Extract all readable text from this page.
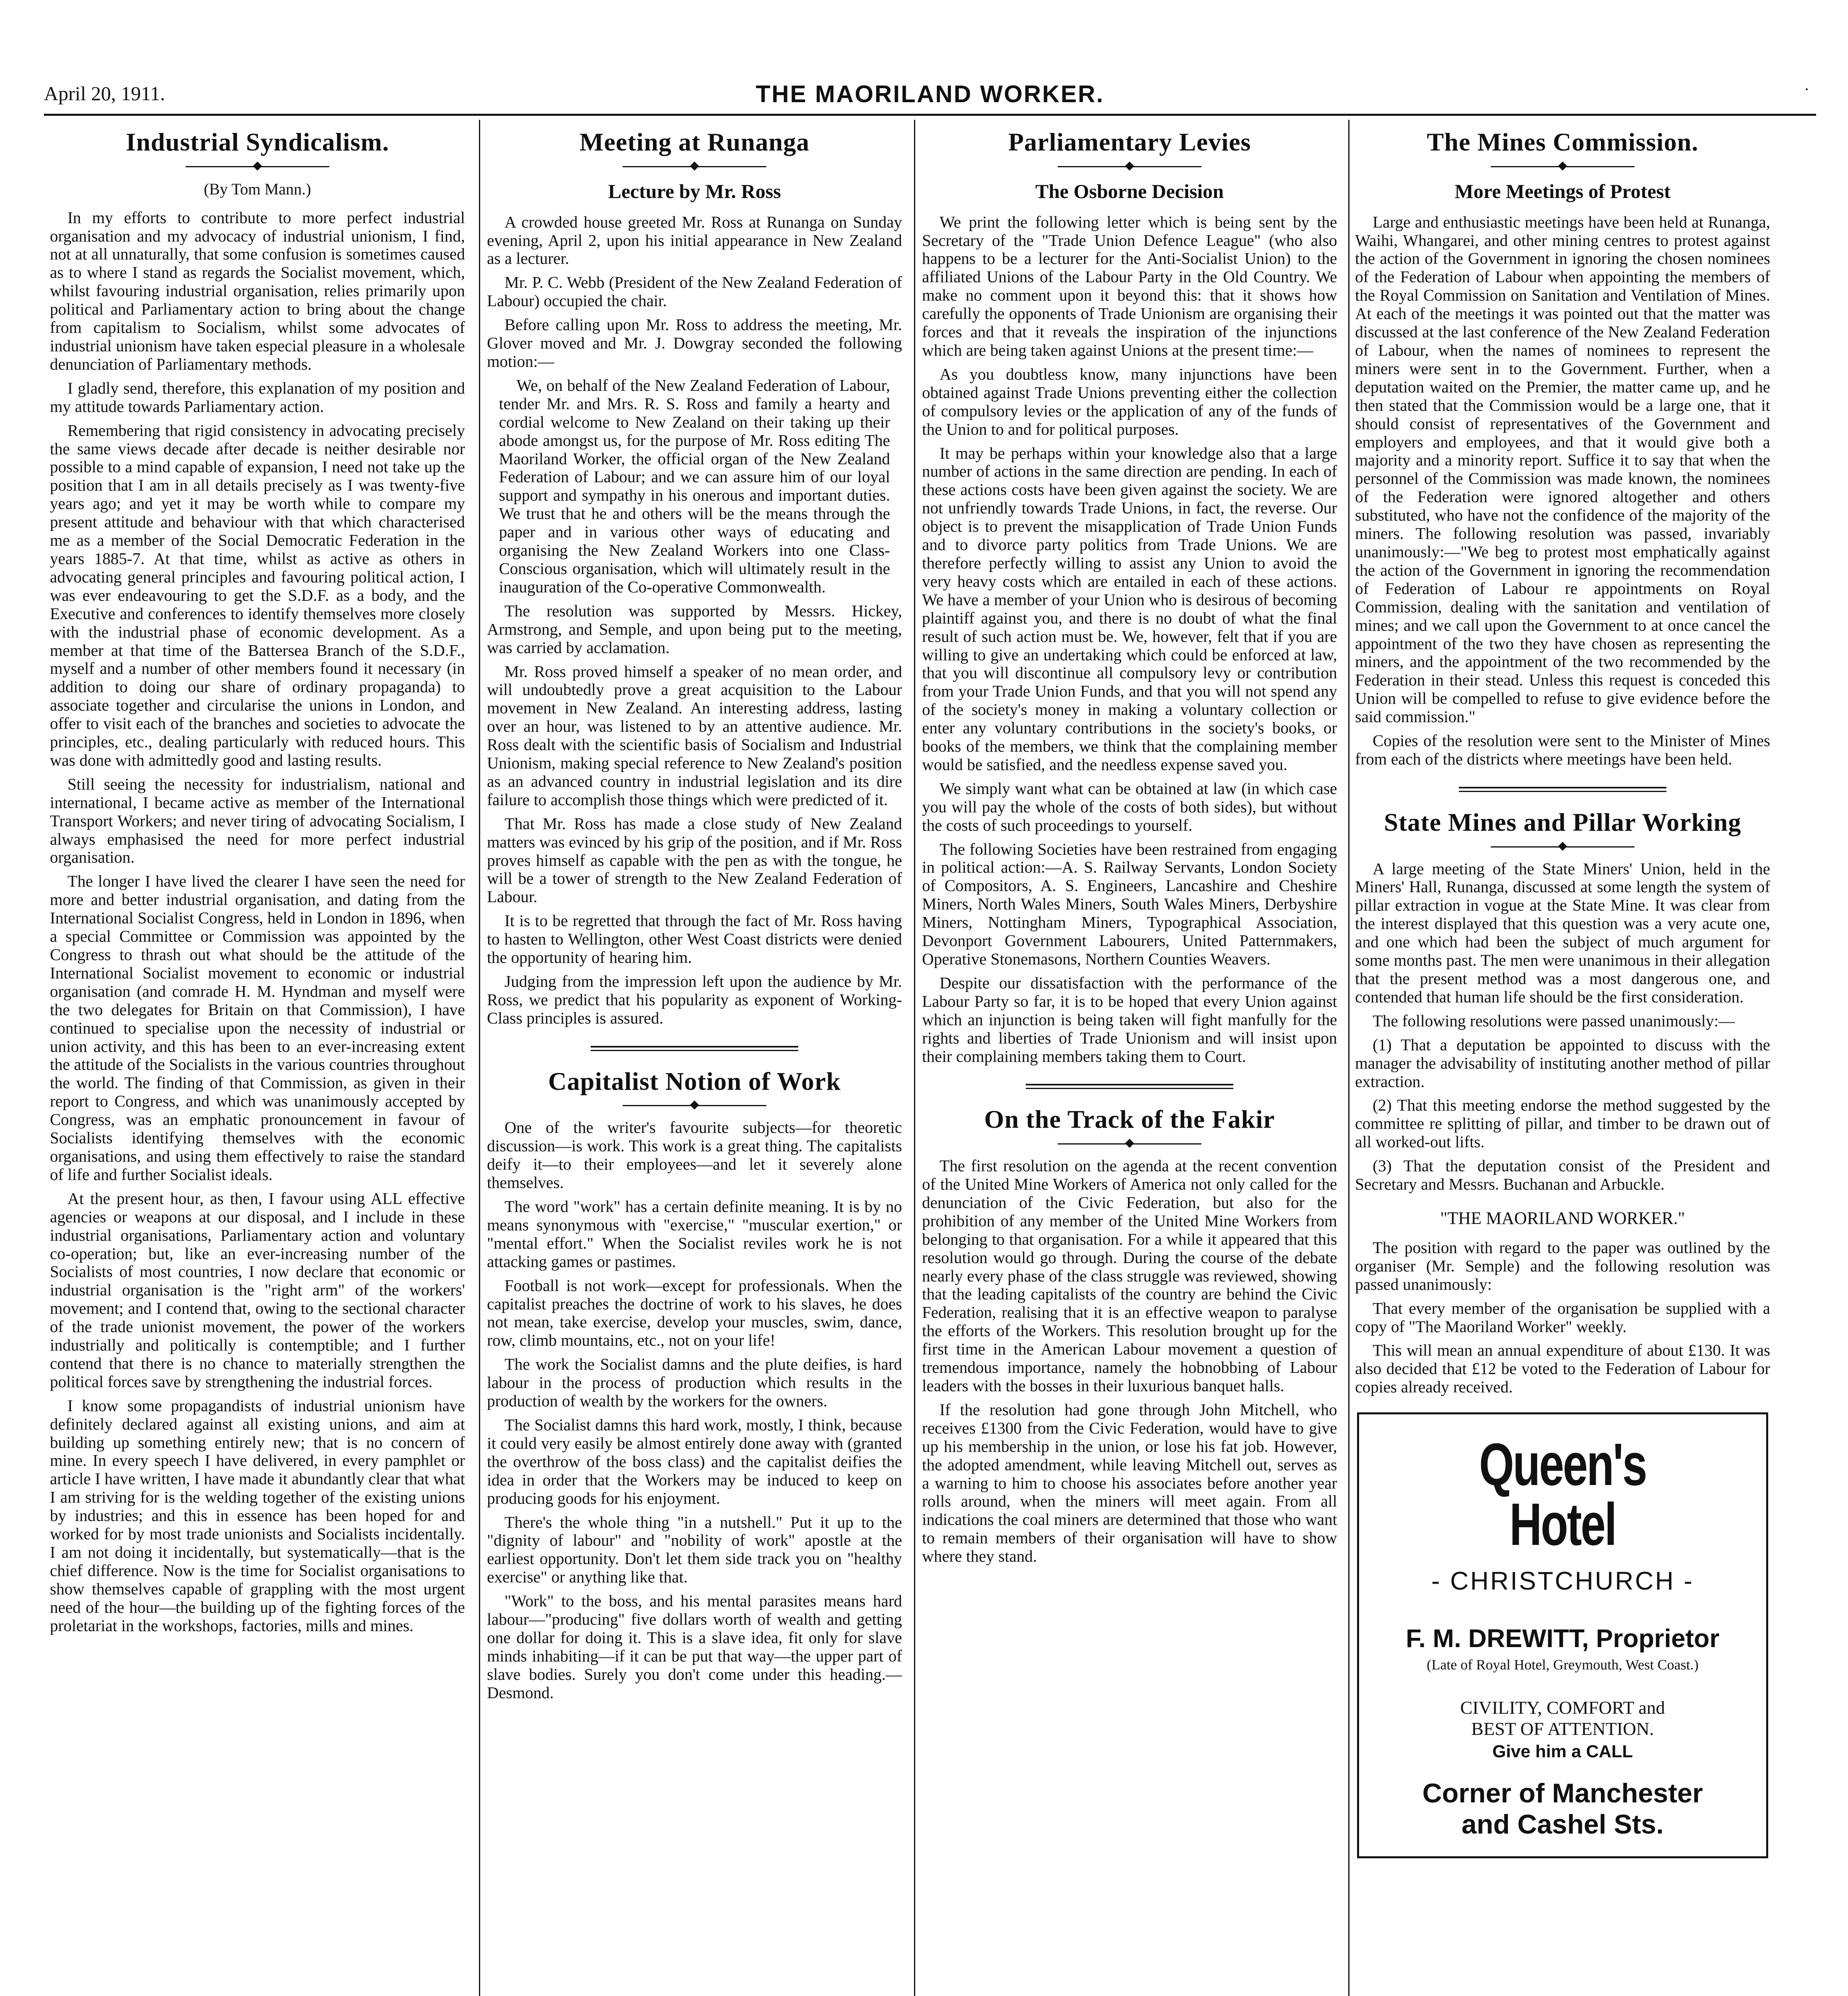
April 20, 1911.	THE MAORILAND WORKER.
Industrial Syndicalism.
(By Tom Mann.)

In my efforts to contribute to more perfect industrial organisation and my advocacy of industrial unionism, I find, not at all unnaturally, that some confusion is sometimes caused as to where I stand as regards the Socialist movement, which, whilst favouring industrial organisation, relies primarily upon political and Parliamentary action to bring about the change from capitalism to Socialism, whilst some advocates of industrial unionism have taken especial pleasure in a wholesale denunciation of Parliamentary methods.

I gladly send, therefore, this explanation of my position and my attitude towards Parliamentary action.

Remembering that rigid consistency in advocating precisely the same views decade after decade is neither desirable nor possible to a mind capable of expansion, I need not take up the position that I am in all details precisely as I was twenty-five years ago; and yet it may be worth while to compare my present attitude and behaviour with that which characterised me as a member of the Social Democratic Federation in the years 1885-7. At that time, whilst as active as others in advocating general principles and favouring political action, I was ever endeavouring to get the S.D.F. as a body, and the Executive and conferences to identify themselves more closely with the industrial phase of economic development. As a member at that time of the Battersea Branch of the S.D.F., myself and a number of other members found it necessary (in addition to doing our share of ordinary propaganda) to associate together and circularise the unions in London, and offer to visit each of the branches and societies to advocate the principles, etc., dealing particularly with reduced hours. This was done with admittedly good and lasting results.

Still seeing the necessity for industrialism, national and international, I became active as member of the International Transport Workers; and never tiring of advocating Socialism, I always emphasised the need for more perfect industrial organisation.

The longer I have lived the clearer I have seen the need for more and better industrial organisation, and dating from the International Socialist Congress, held in London in 1896, when a special Committee or Commission was appointed by the Congress to thrash out what should be the attitude of the International Socialist movement to economic or industrial organisation (and comrade H. M. Hyndman and myself were the two delegates for Britain on that Commission), I have continued to specialise upon the necessity of industrial or union activity, and this has been to an ever-increasing extent the attitude of the Socialists in the various countries throughout the world. The finding of that Commission, as given in their report to Congress, and which was unanimously accepted by Congress, was an emphatic pronouncement in favour of Socialists identifying themselves with the economic organisations, and using them effectively to raise the standard of life and further Socialist ideals.

At the present hour, as then, I favour using ALL effective agencies or weapons at our disposal, and I include in these industrial organisations, Parliamentary action and voluntary co-operation; but, like an ever-increasing number of the Socialists of most countries, I now declare that economic or industrial organisation is the "right arm" of the workers' movement; and I contend that, owing to the sectional character of the trade unionist movement, the power of the workers industrially and politically is contemptible; and I further contend that there is no chance to materially strengthen the political forces save by strengthening the industrial forces.

I know some propagandists of industrial unionism have definitely declared against all existing unions, and aim at building up something entirely new; that is no concern of mine. In every speech I have delivered, in every pamphlet or article I have written, I have made it abundantly clear that what I am striving for is the welding together of the existing unions by industries; and this in essence has been hoped for and worked for by most trade unionists and Socialists incidentally. I am not doing it incidentally, but systematically—that is the chief difference. Now is the time for Socialist organisations to show themselves capable of grappling with the most urgent need of the hour—the building up of the fighting forces of the proletariat in the workshops, factories, mills and mines.

Meeting at Runanga
Lecture by Mr. Ross

A crowded house greeted Mr. Ross at Runanga on Sunday evening, April 2, upon his initial appearance in New Zealand as a lecturer.

Mr. P. C. Webb (President of the New Zealand Federation of Labour) occupied the chair.

Before calling upon Mr. Ross to address the meeting, Mr. Glover moved and Mr. J. Dowgray seconded the following motion:—

We, on behalf of the New Zealand Federation of Labour, tender Mr. and Mrs. R. S. Ross and family a hearty and cordial welcome to New Zealand on their taking up their abode amongst us, for the purpose of Mr. Ross editing The Maoriland Worker, the official organ of the New Zealand Federation of Labour; and we can assure him of our loyal support and sympathy in his onerous and important duties. We trust that he and others will be the means through the paper and in various other ways of educating and organising the New Zealand Workers into one Class-Conscious organisation, which will ultimately result in the inauguration of the Co-operative Commonwealth.

The resolution was supported by Messrs. Hickey, Armstrong, and Semple, and upon being put to the meeting, was carried by acclamation.

Mr. Ross proved himself a speaker of no mean order, and will undoubtedly prove a great acquisition to the Labour movement in New Zealand. An interesting address, lasting over an hour, was listened to by an attentive audience. Mr. Ross dealt with the scientific basis of Socialism and Industrial Unionism, making special reference to New Zealand's position as an advanced country in industrial legislation and its dire failure to accomplish those things which were predicted of it.

That Mr. Ross has made a close study of New Zealand matters was evinced by his grip of the position, and if Mr. Ross proves himself as capable with the pen as with the tongue, he will be a tower of strength to the New Zealand Federation of Labour.

It is to be regretted that through the fact of Mr. Ross having to hasten to Wellington, other West Coast districts were denied the opportunity of hearing him.

Judging from the impression left upon the audience by Mr. Ross, we predict that his popularity as exponent of Working-Class principles is assured.

Capitalist Notion of Work

One of the writer's favourite subjects—for theoretic discussion—is work. This work is a great thing. The capitalists deify it—to their employees—and let it severely alone themselves.

The word "work" has a certain definite meaning. It is by no means synonymous with "exercise," "muscular exertion," or "mental effort." When the Socialist reviles work he is not attacking games or pastimes.

Football is not work—except for professionals. When the capitalist preaches the doctrine of work to his slaves, he does not mean, take exercise, develop your muscles, swim, dance, row, climb mountains, etc., not on your life!

The work the Socialist damns and the plute deifies, is hard labour in the process of production which results in the production of wealth by the workers for the owners.

The Socialist damns this hard work, mostly, I think, because it could very easily be almost entirely done away with (granted the overthrow of the boss class) and the capitalist deifies the idea in order that the Workers may be induced to keep on producing goods for his enjoyment.

There's the whole thing "in a nutshell." Put it up to the "dignity of labour" and "nobility of work" apostle at the earliest opportunity. Don't let them side track you on "healthy exercise" or anything like that.

"Work" to the boss, and his mental parasites means hard labour—"producing" five dollars worth of wealth and getting one dollar for doing it. This is a slave idea, fit only for slave minds inhabiting—if it can be put that way—the upper part of slave bodies. Surely you don't come under this heading.—Desmond.

Parliamentary Levies
The Osborne Decision

We print the following letter which is being sent by the Secretary of the "Trade Union Defence League" (who also happens to be a lecturer for the Anti-Socialist Union) to the affiliated Unions of the Labour Party in the Old Country. We make no comment upon it beyond this: that it shows how carefully the opponents of Trade Unionism are organising their forces and that it reveals the inspiration of the injunctions which are being taken against Unions at the present time:—

As you doubtless know, many injunctions have been obtained against Trade Unions preventing either the collection of compulsory levies or the application of any of the funds of the Union to and for political purposes.

It may be perhaps within your knowledge also that a large number of actions in the same direction are pending. In each of these actions costs have been given against the society. We are not unfriendly towards Trade Unions, in fact, the reverse. Our object is to prevent the misapplication of Trade Union Funds and to divorce party politics from Trade Unions. We are therefore perfectly willing to assist any Union to avoid the very heavy costs which are entailed in each of these actions. We have a member of your Union who is desirous of becoming plaintiff against you, and there is no doubt of what the final result of such action must be. We, however, felt that if you are willing to give an undertaking which could be enforced at law, that you will discontinue all compulsory levy or contribution from your Trade Union Funds, and that you will not spend any of the society's money in making a voluntary collection or enter any voluntary contributions in the society's books, or books of the members, we think that the complaining member would be satisfied, and the needless expense saved you.

We simply want what can be obtained at law (in which case you will pay the whole of the costs of both sides), but without the costs of such proceedings to yourself.

The following Societies have been restrained from engaging in political action:—A. S. Railway Servants, London Society of Compositors, A. S. Engineers, Lancashire and Cheshire Miners, North Wales Miners, South Wales Miners, Derbyshire Miners, Nottingham Miners, Typographical Association, Devonport Government Labourers, United Patternmakers, Operative Stonemasons, Northern Counties Weavers.

Despite our dissatisfaction with the performance of the Labour Party so far, it is to be hoped that every Union against which an injunction is being taken will fight manfully for the rights and liberties of Trade Unionism and will insist upon their complaining members taking them to Court.

On the Track of the Fakir

The first resolution on the agenda at the recent convention of the United Mine Workers of America not only called for the denunciation of the Civic Federation, but also for the prohibition of any member of the United Mine Workers from belonging to that organisation. For a while it appeared that this resolution would go through. During the course of the debate nearly every phase of the class struggle was reviewed, showing that the leading capitalists of the country are behind the Civic Federation, realising that it is an effective weapon to paralyse the efforts of the Workers. This resolution brought up for the first time in the American Labour movement a question of tremendous importance, namely the hobnobbing of Labour leaders with the bosses in their luxurious banquet halls.

If the resolution had gone through John Mitchell, who receives £1300 from the Civic Federation, would have to give up his membership in the union, or lose his fat job. However, the adopted amendment, while leaving Mitchell out, serves as a warning to him to choose his associates before another year rolls around, when the miners will meet again. From all indications the coal miners are determined that those who want to remain members of their organisation will have to show where they stand.

The Mines Commission.
More Meetings of Protest

Large and enthusiastic meetings have been held at Runanga, Waihi, Whangarei, and other mining centres to protest against the action of the Government in ignoring the chosen nominees of the Federation of Labour when appointing the members of the Royal Commission on Sanitation and Ventilation of Mines. At each of the meetings it was pointed out that the matter was discussed at the last conference of the New Zealand Federation of Labour, when the names of nominees to represent the miners were sent in to the Government. Further, when a deputation waited on the Premier, the matter came up, and he then stated that the Commission would be a large one, that it should consist of representatives of the Government and employers and employees, and that it would give both a majority and a minority report. Suffice it to say that when the personnel of the Commission was made known, the nominees of the Federation were ignored altogether and others substituted, who have not the confidence of the majority of the miners. The following resolution was passed, invariably unanimously:—"We beg to protest most emphatically against the action of the Government in ignoring the recommendation of Federation of Labour re appointments on Royal Commission, dealing with the sanitation and ventilation of mines; and we call upon the Government to at once cancel the appointment of the two they have chosen as representing the miners, and the appointment of the two recommended by the Federation in their stead. Unless this request is conceded this Union will be compelled to refuse to give evidence before the said commission."

Copies of the resolution were sent to the Minister of Mines from each of the districts where meetings have been held.

State Mines and Pillar Working

A large meeting of the State Miners' Union, held in the Miners' Hall, Runanga, discussed at some length the system of pillar extraction in vogue at the State Mine. It was clear from the interest displayed that this question was a very acute one, and one which had been the subject of much argument for some months past. The men were unanimous in their allegation that the present method was a most dangerous one, and contended that human life should be the first consideration.

The following resolutions were passed unanimously:—

(1) That a deputation be appointed to discuss with the manager the advisability of instituting another method of pillar extraction.

(2) That this meeting endorse the method suggested by the committee re splitting of pillar, and timber to be drawn out of all worked-out lifts.

(3) That the deputation consist of the President and Secretary and Messrs. Buchanan and Arbuckle.

"THE MAORILAND WORKER."

The position with regard to the paper was outlined by the organiser (Mr. Semple) and the following resolution was passed unanimously:

That every member of the organisation be supplied with a copy of "The Maoriland Worker" weekly.

This will mean an annual expenditure of about £130. It was also decided that £12 be voted to the Federation of Labour for copies already received.

Queen's Hotel
- CHRISTCHURCH -
F. M. DREWITT, Proprietor
(Late of Royal Hotel, Greymouth, West Coast.)
CIVILITY, COMFORT and
BEST OF ATTENTION.
Give him a CALL
Corner of Manchester
and Cashel Sts.
·
